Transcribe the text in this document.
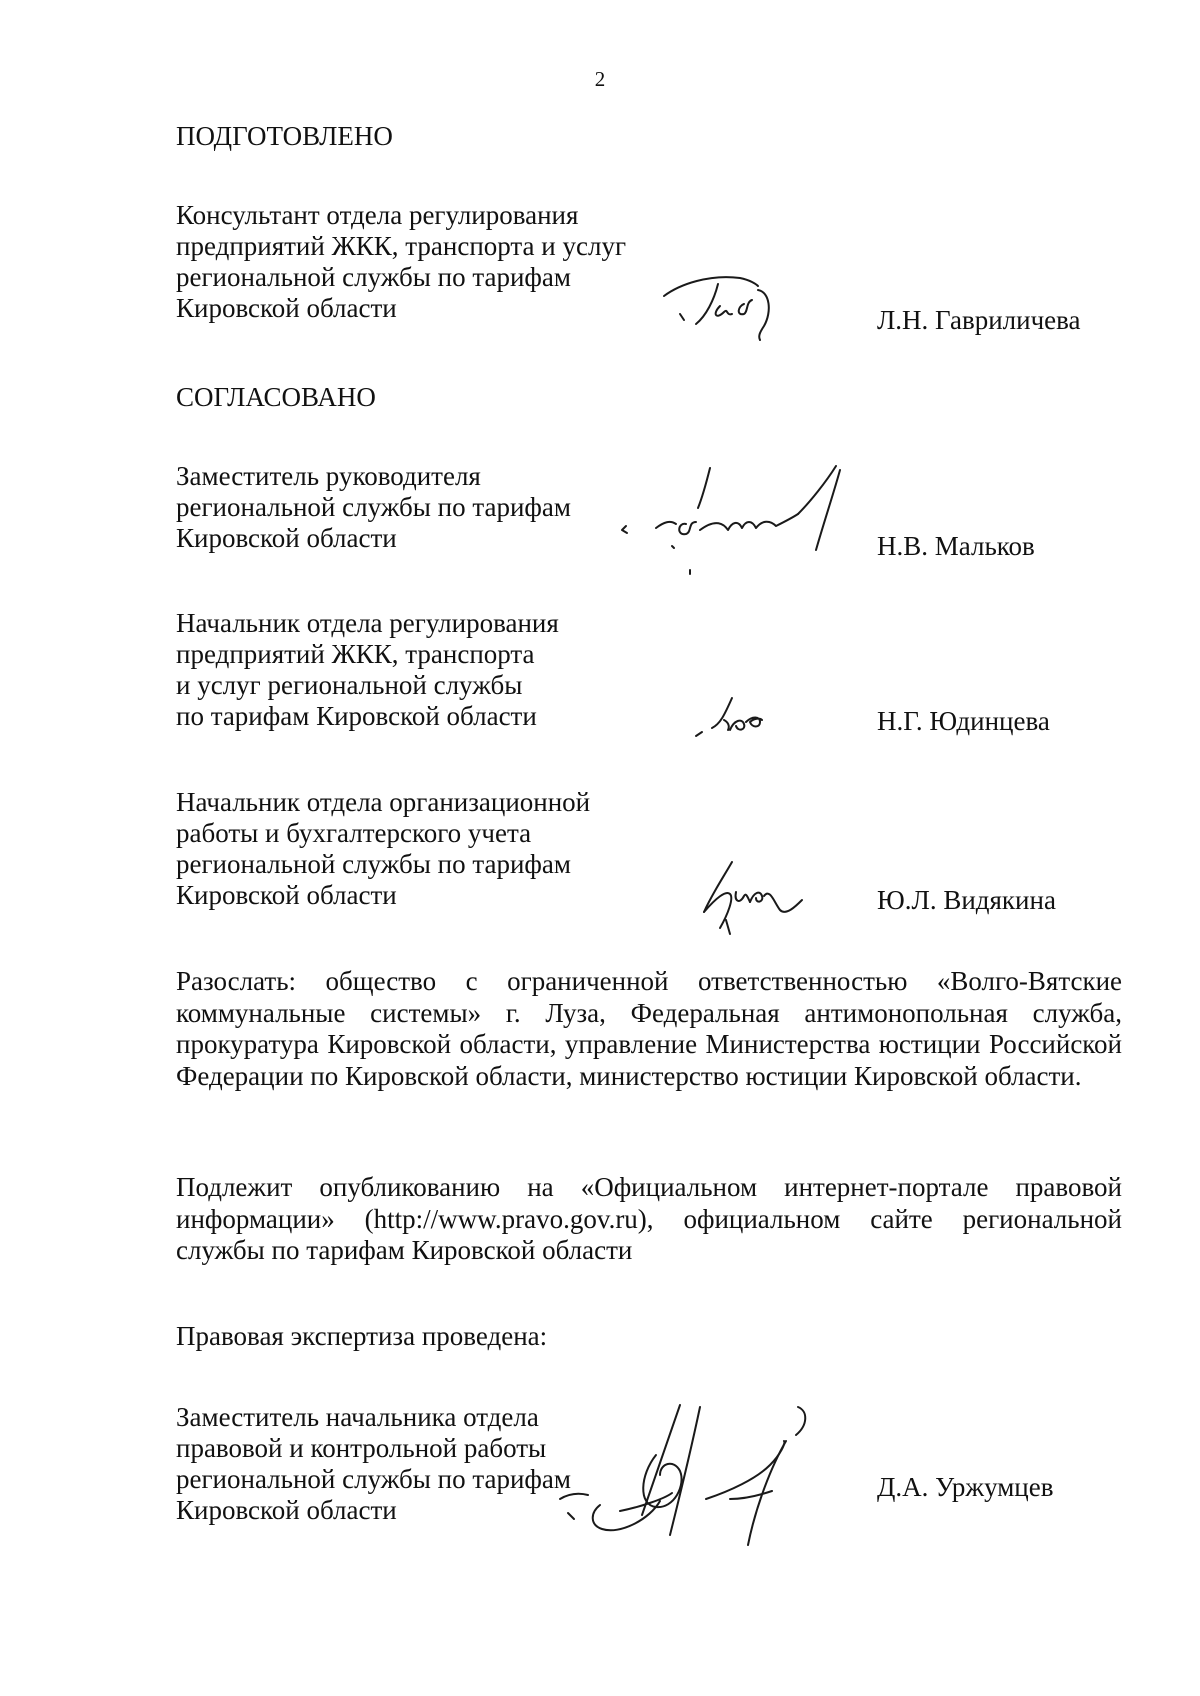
2
ПОДГОТОВЛЕНО
Консультант отдела регулирования
предприятий ЖКК, транспорта и услуг
региональной службы по тарифам
Кировской области	Л.Н. Гавриличева
СОГЛАСОВАНО
Заместитель руководителя
региональной службы по тарифам
Кировской области	Н.В. Мальков
Начальник отдела регулирования
предприятий ЖКК, транспорта
и услуг региональной службы
по тарифам Кировской области	Н.Г. Юдинцева
Начальник отдела организационной
работы и бухгалтерского учета
региональной службы по тарифам
Кировской области	Ю.Л. Видякина
Разослать: общество с ограниченной ответственностью «Волго-Вятские коммунальные системы» г. Луза, Федеральная антимонопольная служба, прокуратура Кировской области, управление Министерства юстиции Российской Федерации по Кировской области, министерство юстиции Кировской области.
Подлежит опубликованию на «Официальном интернет-портале правовой информации» (http://www.pravo.gov.ru), официальном сайте региональной службы по тарифам Кировской области
Правовая экспертиза проведена:
Заместитель начальника отдела
правовой и контрольной работы
региональной службы по тарифам
Кировской области
Д.А. Уржумцев
